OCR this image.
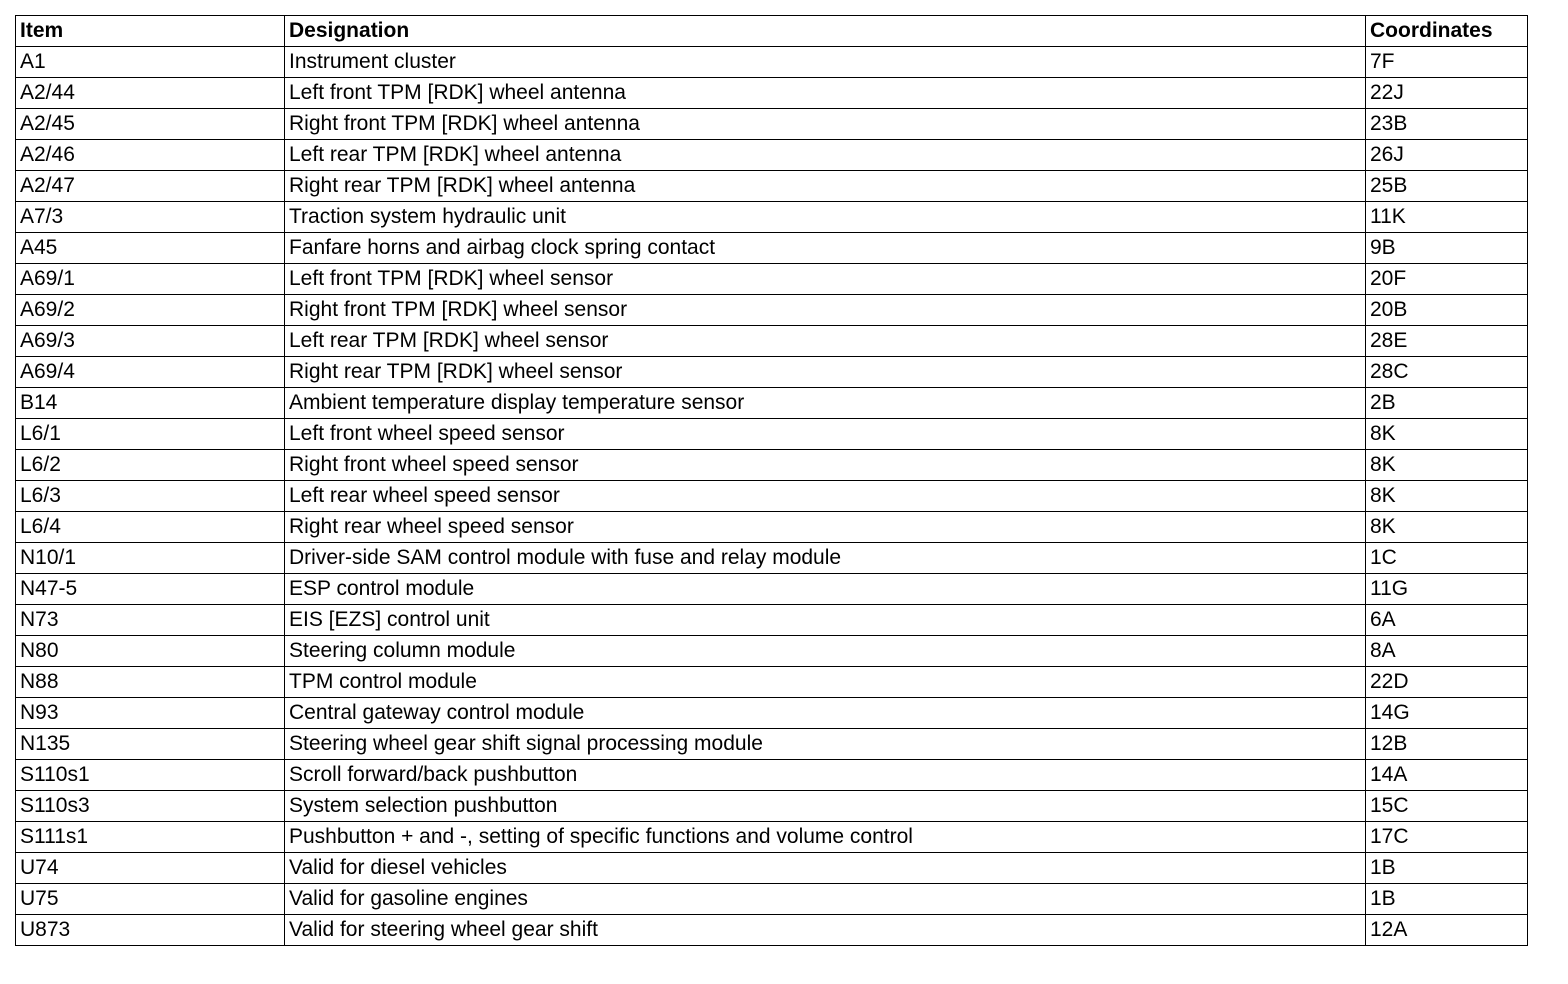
Item	Designation	Coordinates
A1	Instrument cluster	7F
A2/44	Left front TPM [RDK] wheel antenna	22J
A2/45	Right front TPM [RDK] wheel antenna	23B
A2/46	Left rear TPM [RDK] wheel antenna	26J
A2/47	Right rear TPM [RDK] wheel antenna	25B
A7/3	Traction system hydraulic unit	11K
A45	Fanfare horns and airbag clock spring contact	9B
A69/1	Left front TPM [RDK] wheel sensor	20F
A69/2	Right front TPM [RDK] wheel sensor	20B
A69/3	Left rear TPM [RDK] wheel sensor	28E
A69/4	Right rear TPM [RDK] wheel sensor	28C
B14	Ambient temperature display temperature sensor	2B
L6/1	Left front wheel speed sensor	8K
L6/2	Right front wheel speed sensor	8K
L6/3	Left rear wheel speed sensor	8K
L6/4	Right rear wheel speed sensor	8K
N10/1	Driver-side SAM control module with fuse and relay module	1C
N47-5	ESP control module	11G
N73	EIS [EZS] control unit	6A
N80	Steering column module	8A
N88	TPM control module	22D
N93	Central gateway control module	14G
N135	Steering wheel gear shift signal processing module	12B
S110s1	Scroll forward/back pushbutton	14A
S110s3	System selection pushbutton	15C
S111s1	Pushbutton + and -, setting of specific functions and volume control	17C
U74	Valid for diesel vehicles	1B
U75	Valid for gasoline engines	1B
U873	Valid for steering wheel gear shift	12A
